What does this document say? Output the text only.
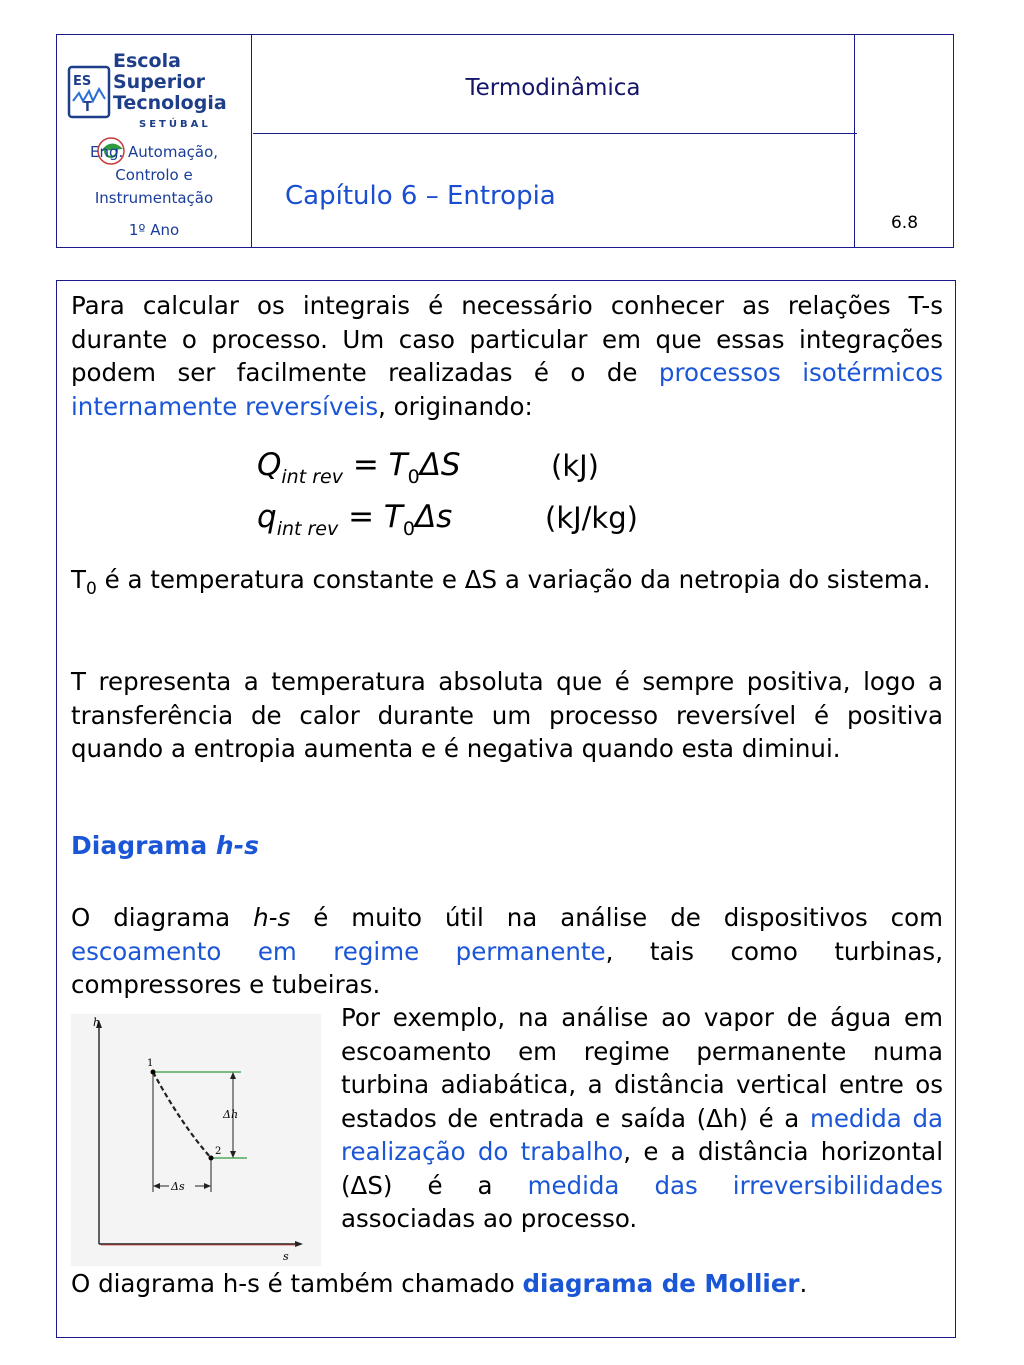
ES
T
Escola
Superior
Tecnologia
SETÚBAL
Eng. Automação,
Controlo e
Instrumentação
1º Ano
Termodinâmica
Capítulo 6 – Entropia
6.8
Para calcular os integrais é necessário conhecer as relações T-s durante o processo. Um caso particular em que essas integrações podem ser facilmente realizadas é o de processos isotérmicos internamente reversíveis, originando:
$Q_{int rev} = T_0\Delta S$	(kJ)
$q_{int rev} = T_0\Delta s$	(kJ/kg)
$T_0$ é a temperatura constante e ΔS a variação da netropia do sistema.
T representa a temperatura absoluta que é sempre positiva, logo a transferência de calor durante um processo reversível é positiva quando a entropia aumenta e é negativa quando esta diminui.
Diagrama h-s
O diagrama h-s é muito útil na análise de dispositivos com escoamento em regime permanente, tais como turbinas, compressores e tubeiras.
h
s
1
2
Δh
Δs
Por exemplo, na análise ao vapor de água em escoamento em regime permanente numa turbina adiabática, a distância vertical entre os estados de entrada e saída (Δh) é a medida da realização do trabalho, e a distância horizontal (ΔS) é a medida das irreversibilidades associadas ao processo.
O diagrama h-s é também chamado diagrama de Mollier.
